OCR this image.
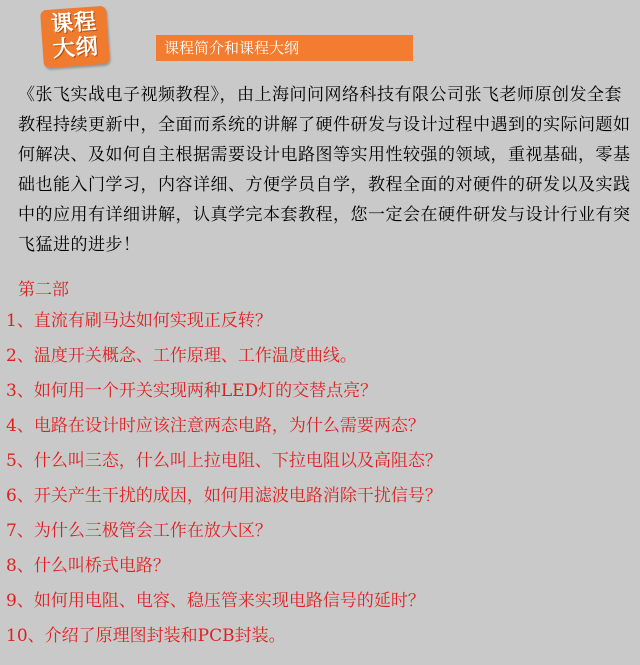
课程
大纲	课程简介和课程大纲

《张飞实战电子视频教程》，由上海问问网络科技有限公司张飞老师原创发全套教程持续更新中，全面而系统的讲解了硬件研发与设计过程中遇到的实际问题如何解决、及如何自主根据需要设计电路图等实用性较强的领域，重视基础，零基础也能入门学习，内容详细、方便学员自学，教程全面的对硬件的研发以及实践中的应用有详细讲解，认真学完本套教程，您一定会在硬件研发与设计行业有突飞猛进的进步！

第二部
1、直流有刷马达如何实现正反转？
2、温度开关概念、工作原理、工作温度曲线。
3、如何用一个开关实现两种LED灯的交替点亮？
4、电路在设计时应该注意两态电路，为什么需要两态？
5、什么叫三态，什么叫上拉电阻、下拉电阻以及高阻态？
6、开关产生干扰的成因，如何用滤波电路消除干扰信号？
7、为什么三极管会工作在放大区？
8、什么叫桥式电路？
9、如何用电阻、电容、稳压管来实现电路信号的延时？
10、介绍了原理图封装和PCB封装。
